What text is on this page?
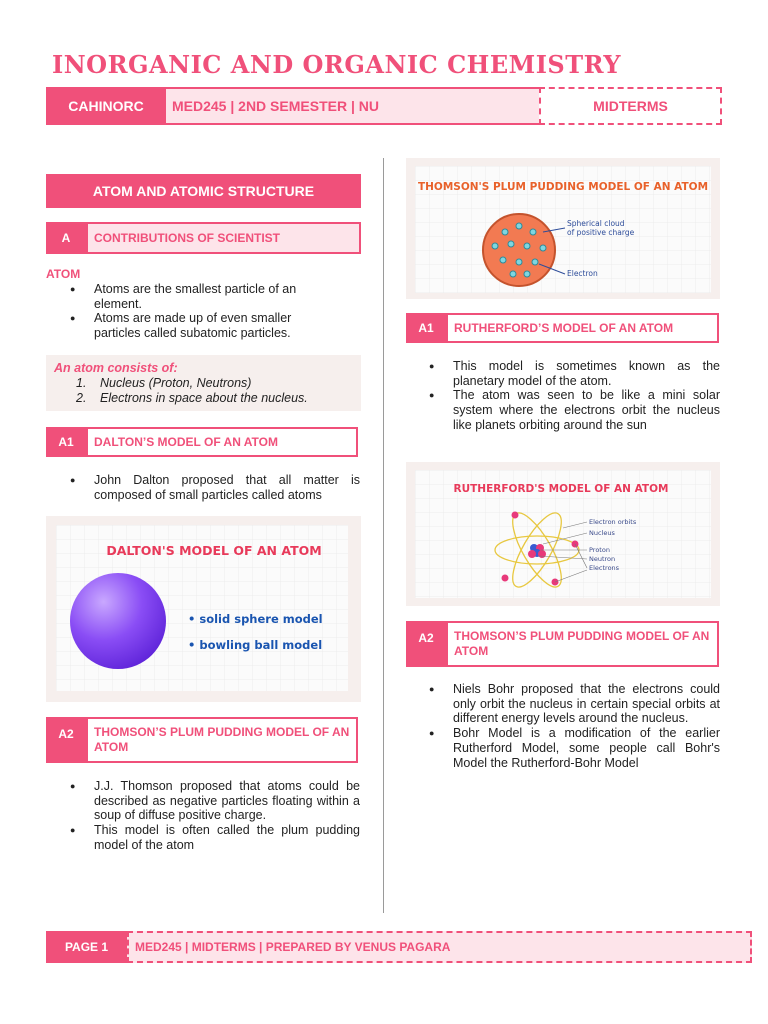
INORGANIC AND ORGANIC CHEMISTRY
CAHINORC	MED245 | 2ND SEMESTER | NU	MIDTERMS
ATOM AND ATOMIC STRUCTURE
A	CONTRIBUTIONS OF SCIENTIST
ATOM
● Atoms are the smallest particle of an element.
● Atoms are made up of even smaller particles called subatomic particles.
An atom consists of:
1. Nucleus (Proton, Neutrons)
2. Electrons in space about the nucleus.
A1	DALTON’S MODEL OF AN ATOM
● John Dalton proposed that all matter is composed of small particles called atoms
DALTON'S MODEL OF AN ATOM
• solid sphere model
• bowling ball model
A2	THOMSON’S PLUM PUDDING MODEL OF AN ATOM
● J.J. Thomson proposed that atoms could be described as negative particles floating within a soup of diffuse positive charge.
● This model is often called the plum pudding model of the atom
THOMSON'S PLUM PUDDING MODEL OF AN ATOM
Spherical cloud
of positive charge
Electron
A1	RUTHERFORD’S MODEL OF AN ATOM
● This model is sometimes known as the planetary model of the atom.
● The atom was seen to be like a mini solar system where the electrons orbit the nucleus like planets orbiting around the sun
RUTHERFORD'S MODEL OF AN ATOM
Electron orbits
Nucleus
Proton
Neutron
Electrons
A2	THOMSON’S PLUM PUDDING MODEL OF AN ATOM
● Niels Bohr proposed that the electrons could only orbit the nucleus in certain special orbits at different energy levels around the nucleus.
● Bohr Model is a modification of the earlier Rutherford Model, some people call Bohr's Model the Rutherford-Bohr Model
PAGE 1	MED245 | MIDTERMS | PREPARED BY VENUS PAGARA
